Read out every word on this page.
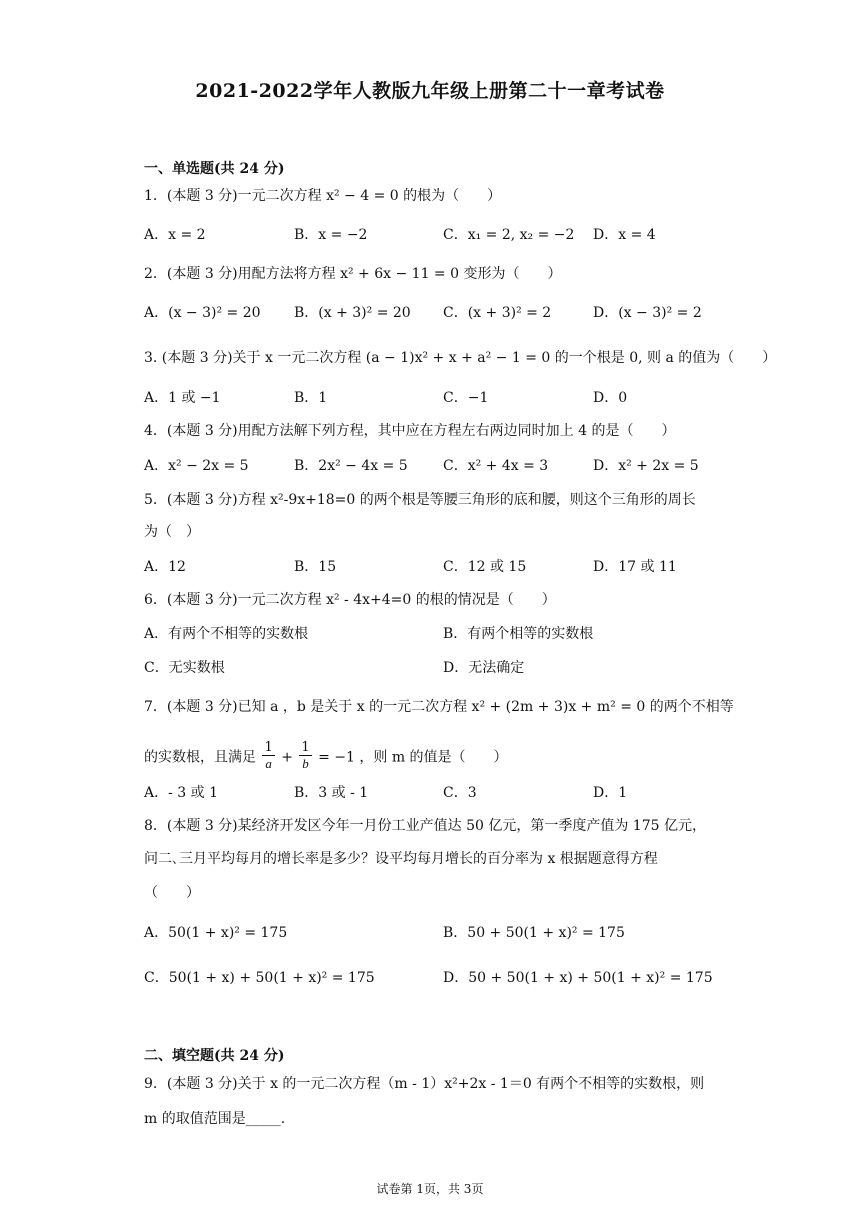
2021-2022学年人教版九年级上册第二十一章考试卷
一、单选题(共 24 分)
1．(本题 3 分)一元二次方程 x² − 4 = 0 的根为（　　）
A．x = 2	B．x = −2	C．x₁ = 2, x₂ = −2 D．x = 4
2．(本题 3 分)用配方法将方程 x² + 6x − 11 = 0 变形为（　　）
A．(x − 3)² = 20 B．(x + 3)² = 20 C．(x + 3)² = 2	D．(x − 3)² = 2
3. (本题 3 分)关于 x 一元二次方程 (a − 1)x² + x + a² − 1 = 0 的一个根是 0, 则 a 的值为（　　）
A．1 或 −1	B．1	C．−1	D．0
4．(本题 3 分)用配方法解下列方程，其中应在方程左右两边同时加上 4 的是（　　）
A．x² − 2x = 5	B．2x² − 4x = 5	C．x² + 4x = 3	D．x² + 2x = 5
5．(本题 3 分)方程 x²-9x+18=0 的两个根是等腰三角形的底和腰，则这个三角形的周长
为（　）
A．12	B．15	C．12 或 15	D．17 或 11
6．(本题 3 分)一元二次方程 x² - 4x+4=0 的根的情况是（　　）
A．有两个不相等的实数根	B．有两个相等的实数根
C．无实数根	D．无法确定
7．(本题 3 分)已知 a ，b 是关于 x 的一元二次方程 x² + (2m + 3)x + m² = 0 的两个不相等
的实数根，且满足 $\frac{1}{a} + \frac{1}{b} = -1$ ，则 m 的值是（　　）
A．- 3 或 1	B．3 或 - 1	C．3	D．1
8．(本题 3 分)某经济开发区今年一月份工业产值达 50 亿元，第一季度产值为 175 亿元，
问二､三月平均每月的增长率是多少？设平均每月增长的百分率为 x 根据题意得方程
（　　）
A．50(1 + x)² = 175	B．50 + 50(1 + x)² = 175
C．50(1 + x) + 50(1 + x)² = 175	D．50 + 50(1 + x) + 50(1 + x)² = 175
二、填空题(共 24 分)
9．(本题 3 分)关于 x 的一元二次方程（m - 1）x²+2x - 1＝0 有两个不相等的实数根，则
m 的取值范围是_____.
试卷第 1页，共 3页
